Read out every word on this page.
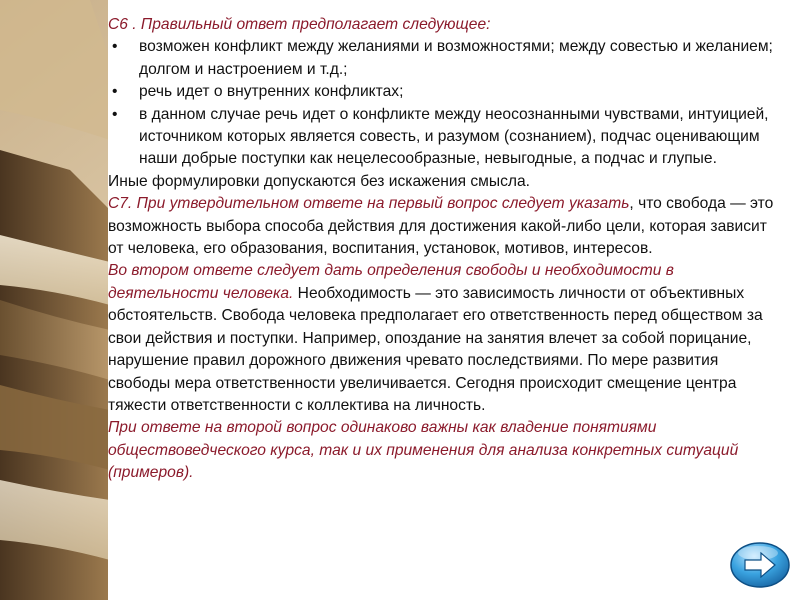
С6 . Правильный ответ предполагает следующее:

• возможен конфликт между желаниями и возможностями; между совестью и желанием; долгом и настроением и т.д.;
• речь идет о внутренних конфликтах;
• в данном случае речь идет о конфликте между неосознанными чувствами, интуицией, источником которых является совесть, и разумом (сознанием), подчас оценивающим наши добрые поступки как нецелесообразные, невыгодные, а подчас и глупые.

Иные формулировки допускаются без искажения смысла.

С7. При утвердительном ответе на первый вопрос следует указать, что свобода — это возможность выбора способа действия для достижения какой-либо цели, которая зависит от человека, его образования, воспитания, установок, мотивов, интересов.

Во втором ответе следует дать определения свободы и необходимости в деятельности человека. Необходимость — это зависимость личности от объективных обстоятельств. Свобода человека предполагает его ответственность перед обществом за свои действия и поступки. Например, опоздание на занятия влечет за собой порицание, нарушение правил дорожного движения чревато последствиями. По мере развития свободы мера ответственности увеличивается. Сегодня происходит смещение центра тяжести ответственности с коллектива на личность.

При ответе на второй вопрос одинаково важны как владение понятиями обществоведческого курса, так и их применения для анализа конкретных ситуаций (примеров).
